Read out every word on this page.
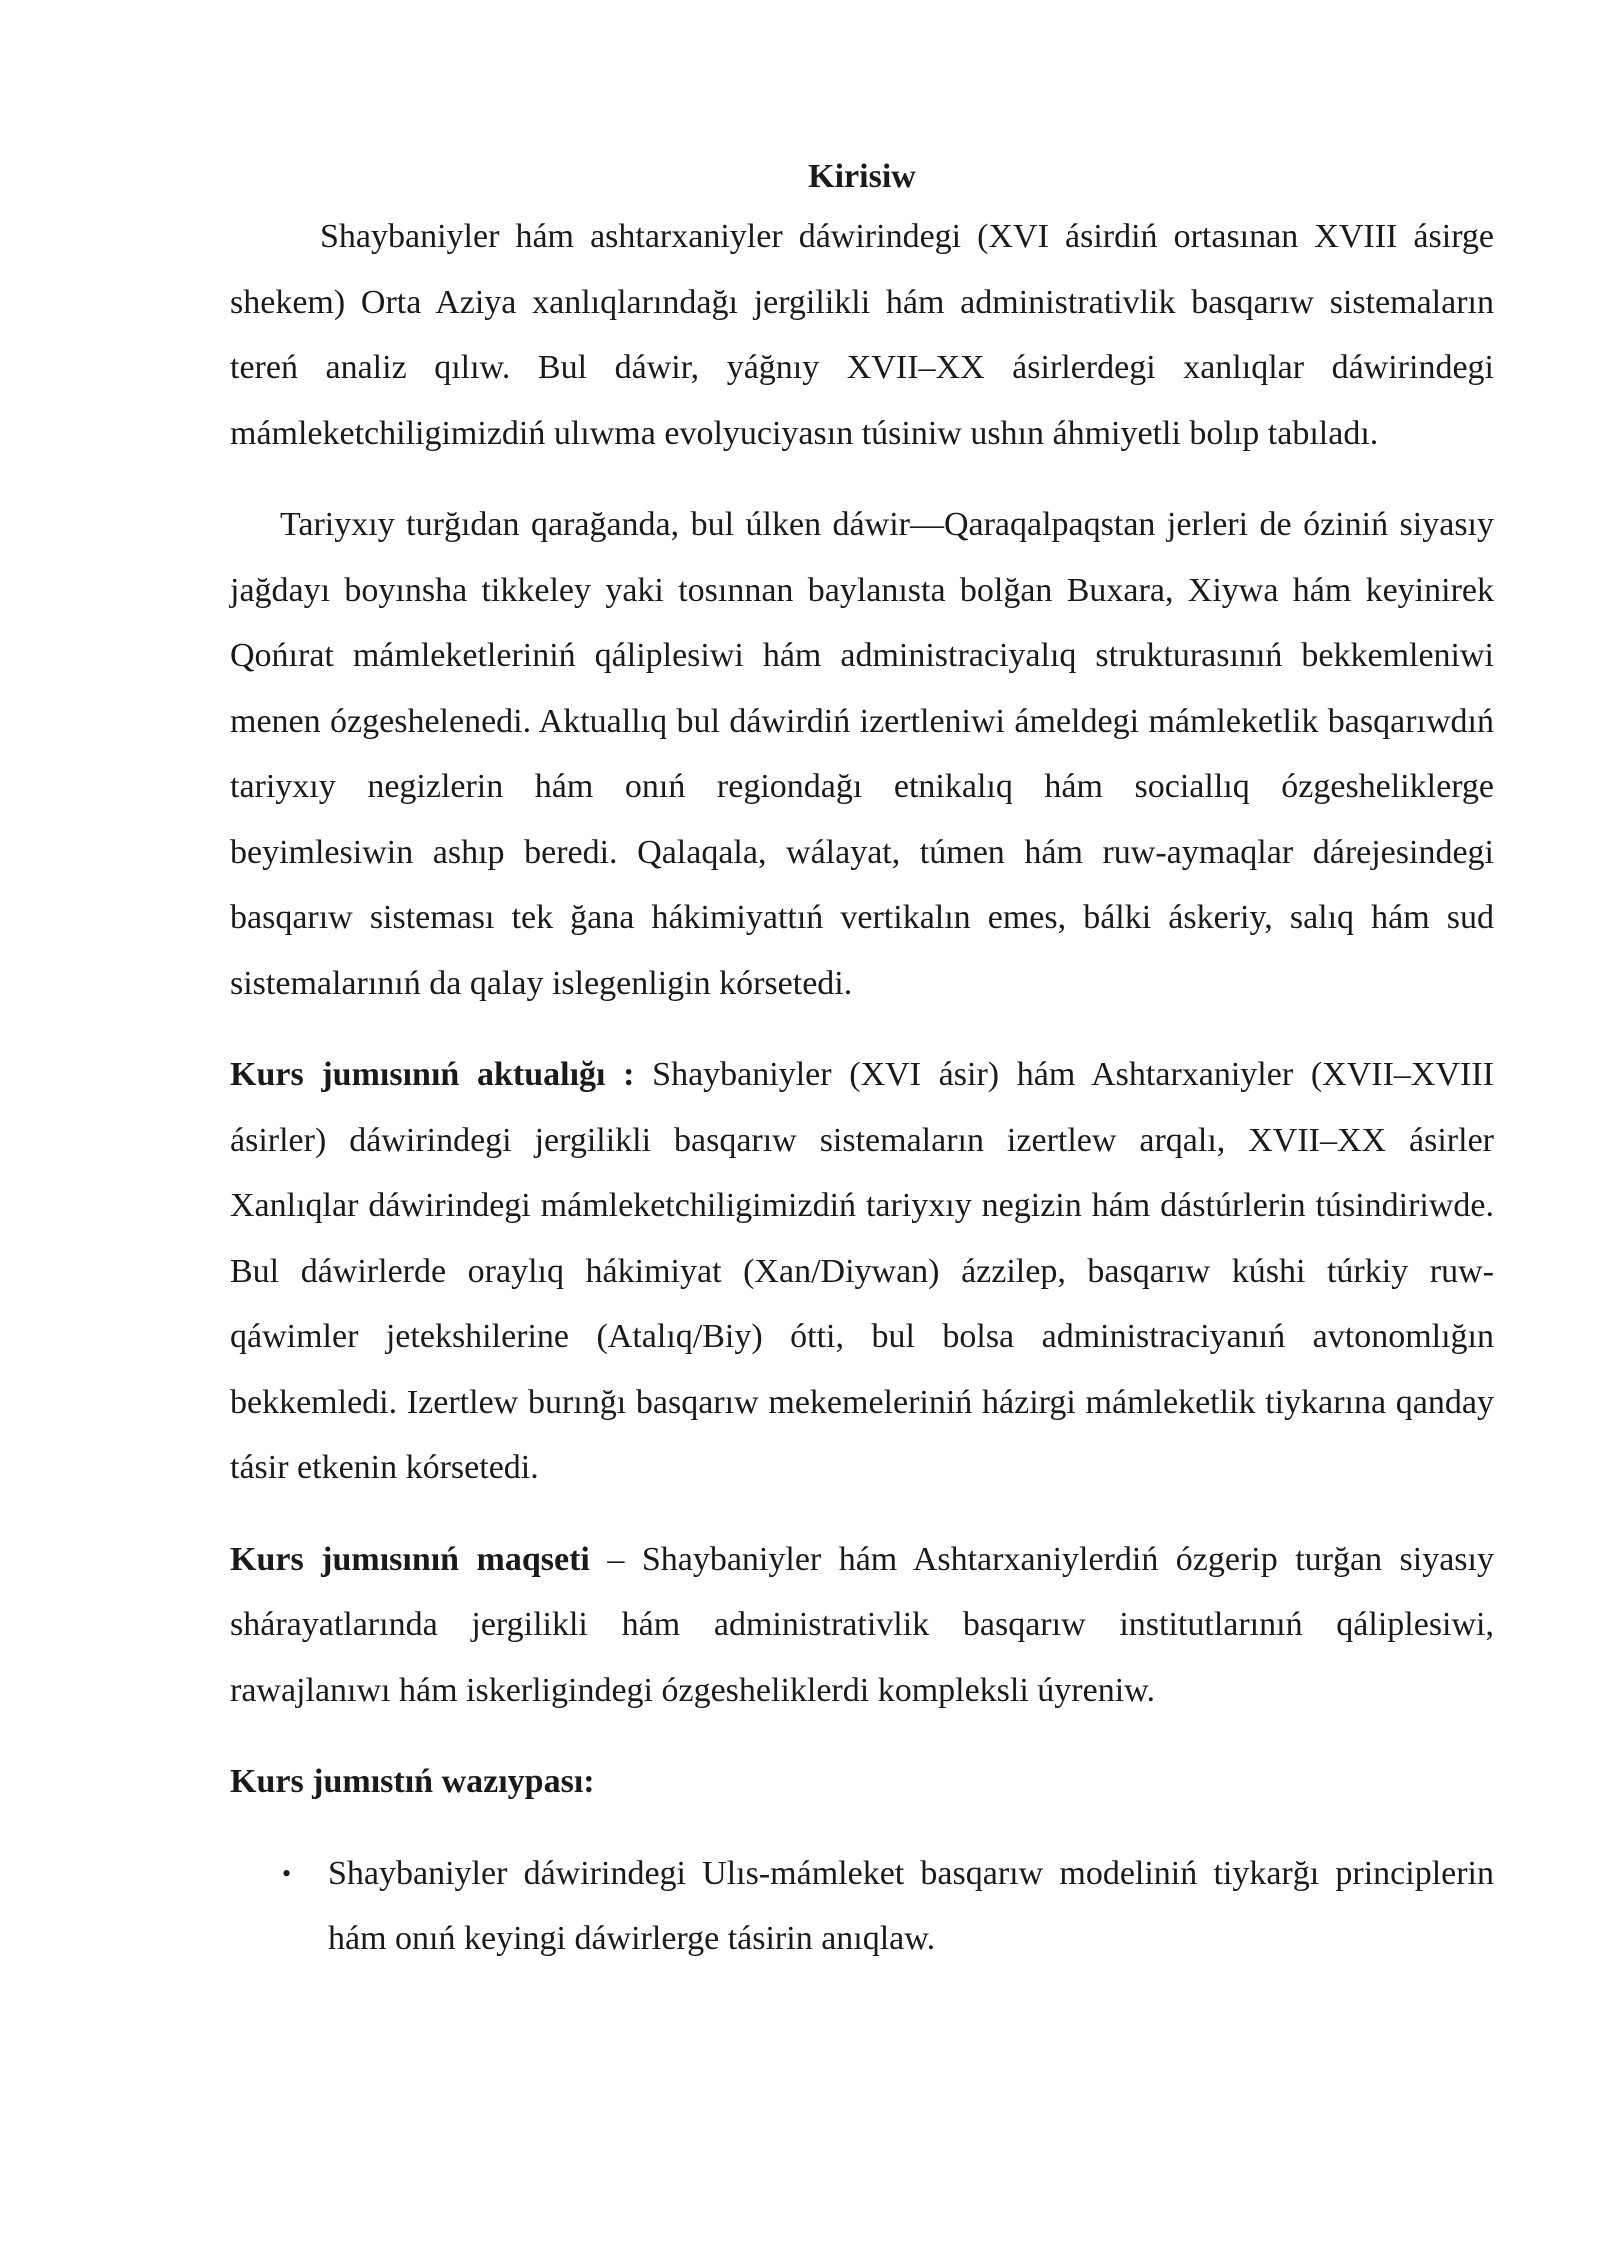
Kirisiw

Shaybaniyler hám ashtarxaniyler dáwirindegi (XVI ásirdiń ortasınan XVIII ásirge shekem) Orta Aziya xanlıqlarındağı jergilikli hám administrativlik basqarıw sistemaların tereń analiz qılıw. Bul dáwir, yáğnıy XVII–XX ásirlerdegi xanlıqlar dáwirindegi mámleketchiligimizdiń ulıwma evolyuciyasın túsiniw ushın áhmiyetli bolıp tabıladı.

Tariyxıy turğıdan qarağanda, bul úlken dáwir—Qaraqalpaqstan jerleri de óziniń siyasıy jağdayı boyınsha tikkeley yaki tosınnan baylanısta bolğan Buxara, Xiywa hám keyinirek Qońırat mámleketleriniń qáliplesiwi hám administraciyalıq strukturasınıń bekkemleniwi menen ózgeshelenedi. Aktuallıq bul dáwirdiń izertleniwi ámeldegi mámleketlik basqarıwdıń tariyxıy negizlerin hám onıń regiondağı etnikalıq hám sociallıq ózgesheliklerge beyimlesiwin ashıp beredi. Qalaqala, wálayat, túmen hám ruw-aymaqlar dárejesindegi basqarıw sisteması tek ğana hákimiyattıń vertikalın emes, bálki áskeriy, salıq hám sud sistemalarınıń da qalay islegenligin kórsetedi.

Kurs jumısınıń aktualığı : Shaybaniyler (XVI ásir) hám Ashtarxaniyler (XVII–XVIII ásirler) dáwirindegi jergilikli basqarıw sistemaların izertlew arqalı, XVII–XX ásirler Xanlıqlar dáwirindegi mámleketchiligimizdiń tariyxıy negizin hám dástúrlerin túsindiriwde. Bul dáwirlerde oraylıq hákimiyat (Xan/Diywan) ázzilep, basqarıw kúshi túrkiy ruw-qáwimler jetekshilerine (Atalıq/Biy) ótti, bul bolsa administraciyanıń avtonomlığın bekkemledi. Izertlew burınğı basqarıw mekemeleriniń házirgi mámleketlik tiykarına qanday tásir etkenin kórsetedi.

Kurs jumısınıń maqseti – Shaybaniyler hám Ashtarxaniylerdiń ózgerip turğan siyasıy shárayatlarında jergilikli hám administrativlik basqarıw institutlarınıń qáliplesiwi, rawajlanıwı hám iskerligindegi ózgesheliklerdi kompleksli úyreniw.

Kurs jumıstıń wazıypası:

• Shaybaniyler dáwirindegi Ulıs-mámleket basqarıw modeliniń tiykarğı principlerin hám onıń keyingi dáwirlerge tásirin anıqlaw.
